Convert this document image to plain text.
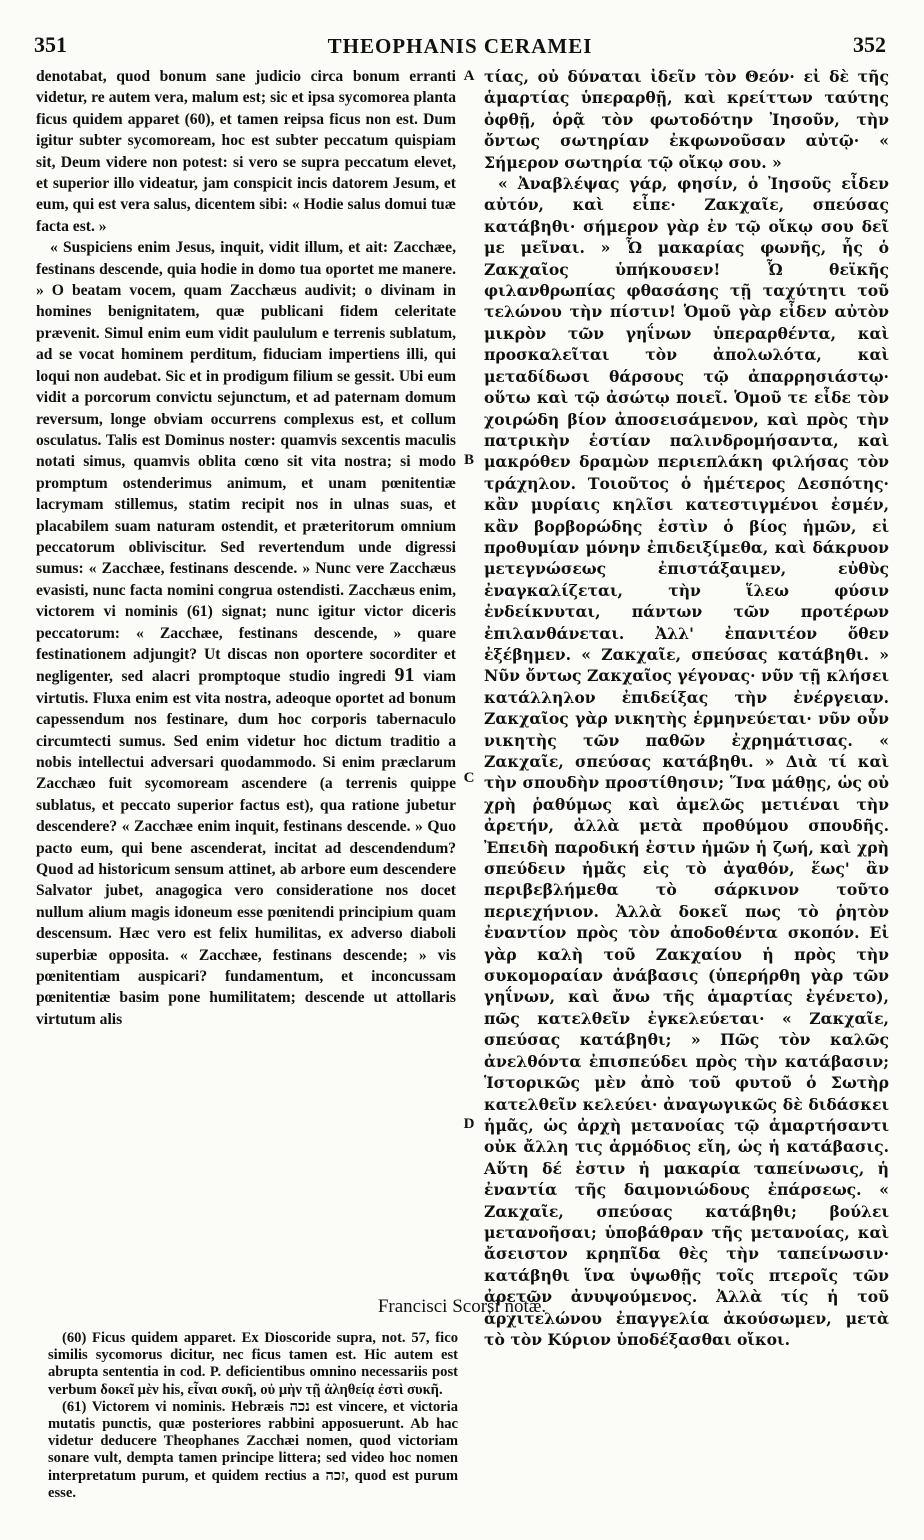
351	THEOPHANIS CERAMEI	352

denotabat, quod bonum sane judicio circa bonum erranti videtur, re autem vera, malum est; sic et ipsa sycomorea planta ficus quidem apparet (60), et tamen reipsa ficus non est. Dum igitur subter sycomoream, hoc est subter peccatum quispiam sit, Deum videre non potest: si vero se supra peccatum elevet, et superior illo videatur, jam conspicit incis datorem Jesum, et eum, qui est vera salus, dicentem sibi: « Hodie salus domui tuæ facta est. »

« Suspiciens enim Jesus, inquit, vidit illum, et ait: Zacchæe, festinans descende, quia hodie in domo tua oportet me manere. » O beatam vocem, quam Zacchæus audivit; o divinam in homines benignitatem, quæ publicani fidem celeritate prævenit. Simul enim eum vidit paululum e terrenis sublatum, ad se vocat hominem perditum, fiduciam impertiens illi, qui loqui non audebat. Sic et in prodigum filium se gessit. Ubi eum vidit a porcorum convictu sejunctum, et ad paternam domum reversum, longe obviam occurrens complexus est, et collum osculatus. Talis est Dominus noster: quamvis sexcentis maculis notati simus, quamvis oblita cœno sit vita nostra; si modo promptum ostenderimus animum, et unam pœnitentiæ lacrymam stillemus, statim recipit nos in ulnas suas, et placabilem suam naturam ostendit, et præteritorum omnium peccatorum obliviscitur. Sed revertendum unde digressi sumus: « Zacchæe, festinans descende. » Nunc vere Zacchæus evasisti, nunc facta nomini congrua ostendisti. Zacchæus enim, victorem vi nominis (61) signat; nunc igitur victor diceris peccatorum: « Zacchæe, festinans descende, » quare festinationem adjungit? Ut discas non oportere socorditer et negligenter, sed alacri promptoque studio ingredi 91 viam virtutis. Fluxa enim est vita nostra, adeoque oportet ad bonum capessendum nos festinare, dum hoc corporis tabernaculo circumtecti sumus. Sed enim videtur hoc dictum traditio a nobis intellectui adversari quodammodo. Si enim præclarum Zacchæo fuit sycomoream ascendere (a terrenis quippe sublatus, et peccato superior factus est), qua ratione jubetur descendere? « Zacchæe enim inquit, festinans descende. » Quo pacto eum, qui bene ascenderat, incitat ad descendendum? Quod ad historicum sensum attinet, ab arbore eum descendere Salvator jubet, anagogica vero consideratione nos docet nullum alium magis idoneum esse pœnitendi principium quam descensum. Hæc vero est felix humilitas, ex adverso diaboli superbiæ opposita. « Zacchæe, festinans descende; » vis pœnitentiam auspicari? fundamentum, et inconcussam pœnitentiæ basim pone humilitatem; descende ut attollaris virtutum alis

A
B
C
D

τίας, οὐ δύναται ἰδεῖν τὸν Θεόν· εἰ δὲ τῆς ἁμαρτίας ὑπεραρθῇ, καὶ κρείττων ταύτης ὀφθῇ, ὁρᾷ τὸν φωτοδότην Ἰησοῦν, τὴν ὄντως σωτηρίαν ἐκφωνοῦσαν αὐτῷ· « Σήμερον σωτηρία τῷ οἴκῳ σου. »

« Ἀναβλέψας γάρ, φησίν, ὁ Ἰησοῦς εἶδεν αὐτόν, καὶ εἶπε· Ζακχαῖε, σπεύσας κατάβηθι· σήμερον γὰρ ἐν τῷ οἴκῳ σου δεῖ με μεῖναι. » Ὦ μακαρίας φωνῆς, ἧς ὁ Ζακχαῖος ὑπήκουσεν! Ὦ θεϊκῆς φιλανθρωπίας φθασάσης τῇ ταχύτητι τοῦ τελώνου τὴν πίστιν! Ὁμοῦ γὰρ εἶδεν αὐτὸν μικρὸν τῶν γηΐνων ὑπεραρθέντα, καὶ προσκαλεῖται τὸν ἀπολωλότα, καὶ μεταδίδωσι θάρσους τῷ ἀπαρρησιάστῳ· οὕτω καὶ τῷ ἀσώτῳ ποιεῖ. Ὁμοῦ τε εἶδε τὸν χοιρώδη βίον ἀποσεισάμενον, καὶ πρὸς τὴν πατρικὴν ἑστίαν παλινδρομήσαντα, καὶ μακρόθεν δραμὼν περιεπλάκη φιλήσας τὸν τράχηλον. Τοιοῦτος ὁ ἡμέτερος Δεσπότης· κἂν μυρίαις κηλῖσι κατεστιγμένοι ἐσμέν, κἂν βορβορώδης ἐστὶν ὁ βίος ἡμῶν, εἰ προθυμίαν μόνην ἐπιδειξίμεθα, καὶ δάκρυον μετεγνώσεως ἐπιστάξαιμεν, εὐθὺς ἐναγκαλίζεται, τὴν ἵλεω φύσιν ἐνδείκνυται, πάντων τῶν προτέρων ἐπιλανθάνεται. Ἀλλ' ἐπανιτέον ὅθεν ἐξέβημεν. « Ζακχαῖε, σπεύσας κατάβηθι. » Νῦν ὄντως Ζακχαῖος γέγονας· νῦν τῇ κλήσει κατάλληλον ἐπιδείξας τὴν ἐνέργειαν. Ζακχαῖος γὰρ νικητὴς ἑρμηνεύεται· νῦν οὖν νικητὴς τῶν παθῶν ἐχρημάτισας. « Ζακχαῖε, σπεύσας κατάβηθι. » Διὰ τί καὶ τὴν σπουδὴν προστίθησιν; Ἵνα μάθῃς, ὡς οὐ χρὴ ῥαθύμως καὶ ἀμελῶς μετιέναι τὴν ἀρετήν, ἀλλὰ μετὰ προθύμου σπουδῆς. Ἐπειδὴ παροδική ἐστιν ἡμῶν ἡ ζωή, καὶ χρὴ σπεύδειν ἡμᾶς εἰς τὸ ἀγαθόν, ἕως' ἂν περιβεβλήμεθα τὸ σάρκινον τοῦτο περιεχήνιον. Ἀλλὰ δοκεῖ πως τὸ ῥητὸν ἐναντίον πρὸς τὸν ἀποδοθέντα σκοπόν. Εἰ γὰρ καλὴ τοῦ Ζακχαίου ἡ πρὸς τὴν συκομοραίαν ἀνάβασις (ὑπερήρθη γὰρ τῶν γηΐνων, καὶ ἄνω τῆς ἁμαρτίας ἐγένετο), πῶς κατελθεῖν ἐγκελεύεται· « Ζακχαῖε, σπεύσας κατάβηθι; » Πῶς τὸν καλῶς ἀνελθόντα ἐπισπεύδει πρὸς τὴν κατάβασιν; Ἱστορικῶς μὲν ἀπὸ τοῦ φυτοῦ ὁ Σωτὴρ κατελθεῖν κελεύει· ἀναγωγικῶς δὲ διδάσκει ἡμᾶς, ὡς ἀρχὴ μετανοίας τῷ ἁμαρτήσαντι οὐκ ἄλλη τις ἁρμόδιος εἴη, ὡς ἡ κατάβασις. Αὕτη δέ ἐστιν ἡ μακαρία ταπείνωσις, ἡ ἐναντία τῆς δαιμονιώδους ἐπάρσεως. « Ζακχαῖε, σπεύσας κατάβηθι; βούλει μετανοῆσαι; ὑποβάθραν τῆς μετανοίας, καὶ ἄσειστον κρηπῖδα θὲς τὴν ταπείνωσιν· κατάβηθι ἵνα ὑψωθῇς τοῖς πτεροῖς τῶν ἀρετῶν ἀνυψούμενος. Ἀλλὰ τίς ἡ τοῦ ἀρχιτελώνου ἐπαγγελία ἀκούσωμεν, μετὰ τὸ τὸν Κύριον ὑποδέξασθαι οἴκοι.

Francisci Scorsi notæ.

(60) Ficus quidem apparet. Ex Dioscoride supra, not. 57, fico similis sycomorus dicitur, nec ficus tamen est. Hic autem est abrupta sententia in cod. P. deficientibus omnino necessariis post verbum δοκεῖ μὲν his, εἶναι συκῆ, οὐ μὴν τῇ ἀληθείᾳ ἐστὶ συκῆ.

(61) Victorem vi nominis. Hebræis נכה est vincere, et victoria mutatis punctis, quæ posteriores rabbini apposuerunt. Ab hac videtur deducere Theophanes Zacchæi nomen, quod victoriam sonare vult, dempta tamen principe littera; sed video hoc nomen interpretatum purum, et quidem rectius a זכה, quod est purum esse.
